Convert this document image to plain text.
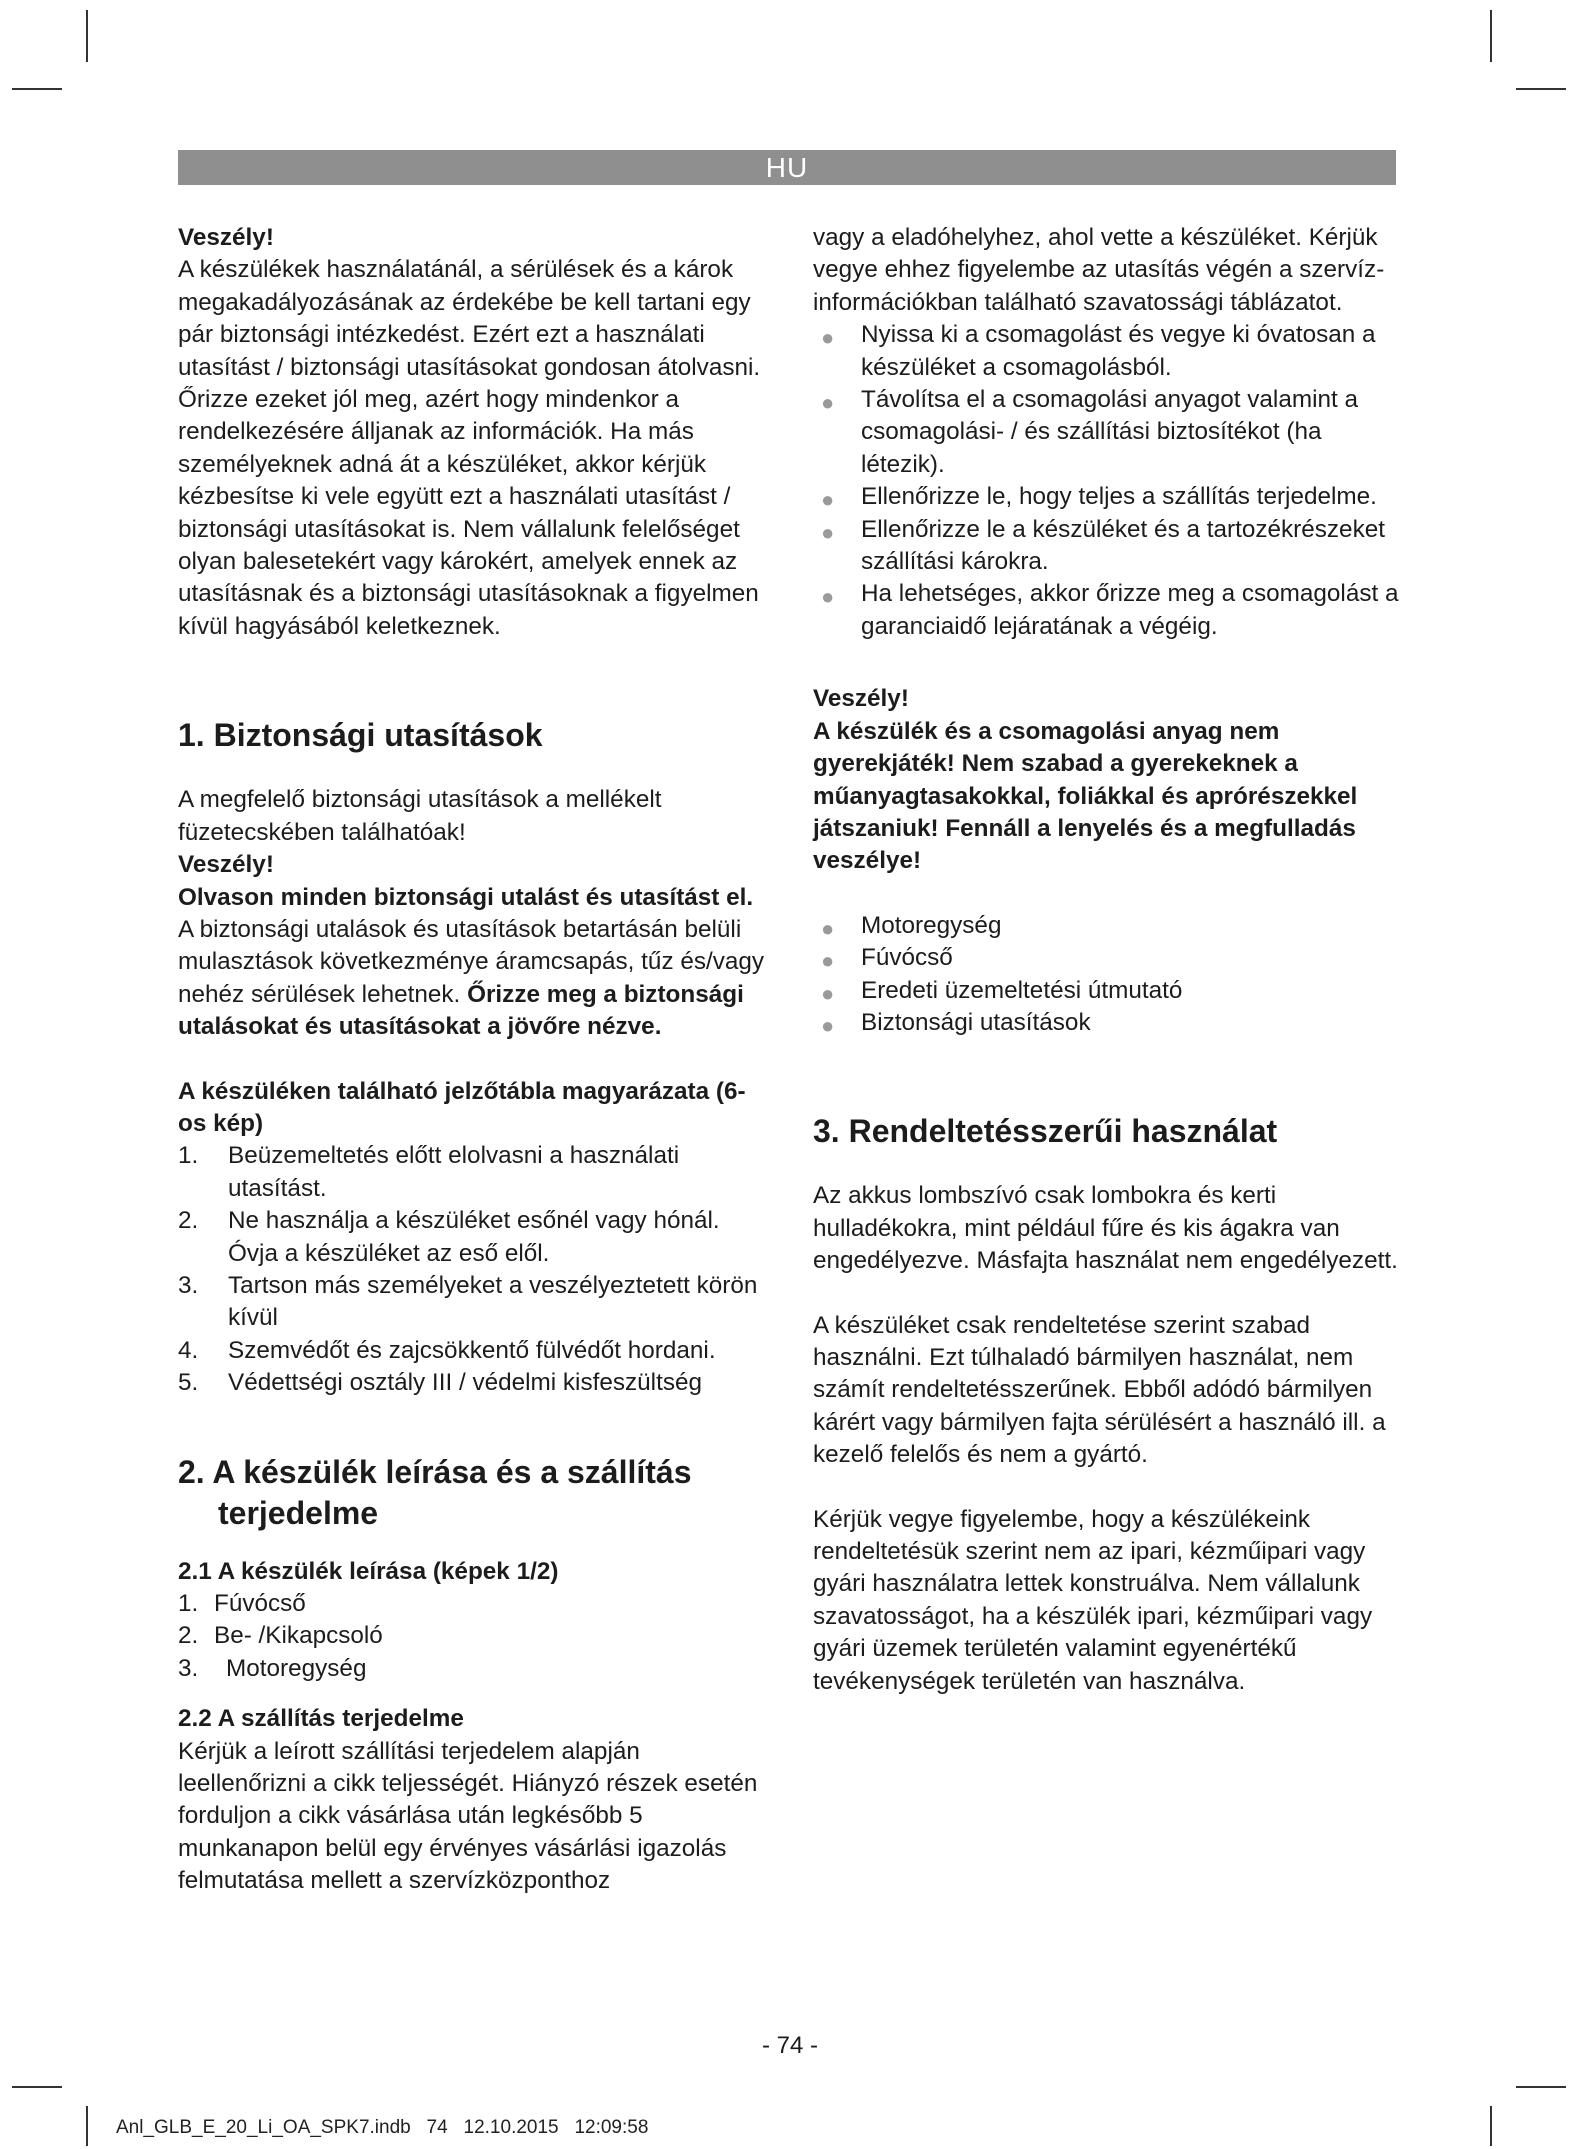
HU

Veszély!

A készülékek használatánál, a sérülések és a károk megakadályozásának az érdekébe be kell tartani egy pár biztonsági intézkedést. Ezért ezt a használati utasítást / biztonsági utasításokat gondosan átolvasni. Őrizze ezeket jól meg, azért hogy mindenkor a rendelkezésére álljanak az információk. Ha más személyeknek adná át a készüléket, akkor kérjük kézbesítse ki vele együtt ezt a használati utasítást / biztonsági utasításokat is. Nem vállalunk felelőséget olyan balesetekért vagy károkért, amelyek ennek az utasításnak és a biztonsági utasításoknak a figyelmen kívül hagyásából keletkeznek.

1. Biztonsági utasítások

A megfelelő biztonsági utasítások a mellékelt füzetecskében találhatóak!

Veszély!

Olvason minden biztonsági utalást és utasítást el. A biztonsági utalások és utasítások betartásán belüli mulasztások következménye áramcsapás, tűz és/vagy nehéz sérülések lehetnek. Őrizze meg a biztonsági utalásokat és utasításokat a jövőre nézve.

A készüléken található jelzőtábla magyarázata (6-os kép)

1. Beüzemeltetés előtt elolvasni a használati utasítást.
2. Ne használja a készüléket esőnél vagy hónál. Óvja a készüléket az eső elől.
3. Tartson más személyeket a veszélyeztetett körön kívül
4. Szemvédőt és zajcsökkentő fülvédőt hordani.
5. Védettségi osztály III / védelmi kisfeszültség
2. A készülék leírása és a szállítás
terjedelme

2.1 A készülék leírása (képek 1/2)

1. Fúvócső
2. Be- /Kikapcsoló
3. Motoregység

2.2 A szállítás terjedelme

Kérjük a leírott szállítási terjedelem alapján leellenőrizni a cikk teljességét. Hiányzó részek esetén forduljon a cikk vásárlása után legkésőbb 5 munkanapon belül egy érvényes vásárlási igazolás felmutatása mellett a szervízközponthoz

vagy a eladóhelyhez, ahol vette a készüléket. Kérjük vegye ehhez figyelembe az utasítás végén a szervíz-információkban található szavatossági táblázatot.

● Nyissa ki a csomagolást és vegye ki óvatosan a készüléket a csomagolásból.
● Távolítsa el a csomagolási anyagot valamint a csomagolási- / és szállítási biztosítékot (ha létezik).
● Ellenőrizze le, hogy teljes a szállítás terjedelme.
● Ellenőrizze le a készüléket és a tartozékrészeket szállítási károkra.
● Ha lehetséges, akkor őrizze meg a csomagolást a garanciaidő lejáratának a végéig.

Veszély!

A készülék és a csomagolási anyag nem gyerekjáték! Nem szabad a gyerekeknek a műanyagtasakokkal, foliákkal és aprórészekkel játszaniuk! Fennáll a lenyelés és a megfulladás veszélye!

● Motoregység
● Fúvócső
● Eredeti üzemeltetési útmutató
● Biztonsági utasítások
3. Rendeltetésszerűi használat

Az akkus lombszívó csak lombokra és kerti hulladékokra, mint például fűre és kis ágakra van engedélyezve. Másfajta használat nem engedélyezett.

A készüléket csak rendeltetése szerint szabad használni. Ezt túlhaladó bármilyen használat, nem számít rendeltetésszerűnek. Ebből adódó bármilyen kárért vagy bármilyen fajta sérülésért a használó ill. a kezelő felelős és nem a gyártó.

Kérjük vegye figyelembe, hogy a készülékeink rendeltetésük szerint nem az ipari, kézműipari vagy gyári használatra lettek konstruálva. Nem vállalunk szavatosságot, ha a készülék ipari, kézműipari vagy gyári üzemek területén valamint egyenértékű tevékenységek területén van használva.

- 74 -
Anl_GLB_E_20_Li_OA_SPK7.indb   74   12.10.2015   12:09:58
